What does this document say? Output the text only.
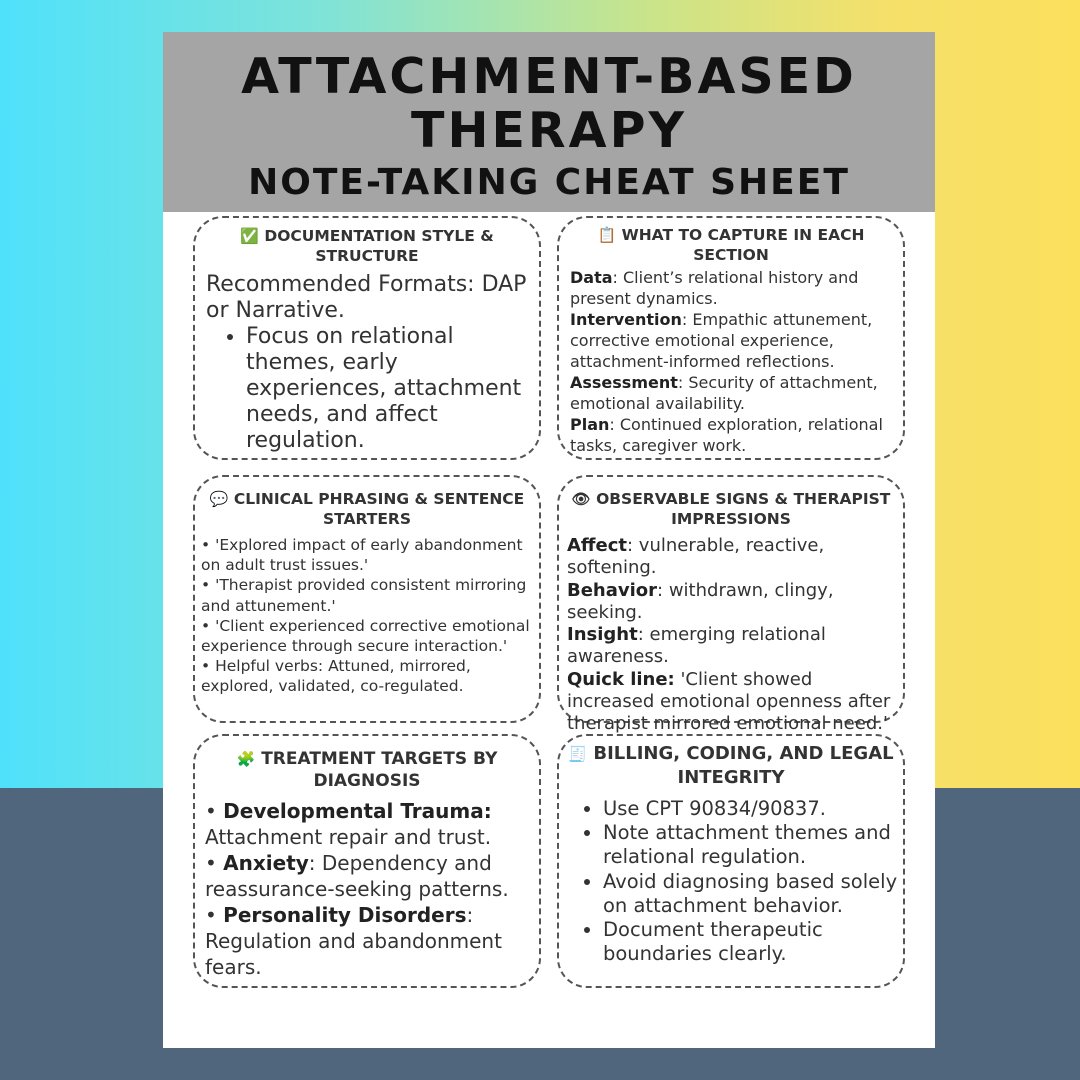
ATTACHMENT-BASED
THERAPY
NOTE-TAKING CHEAT SHEET
✅ DOCUMENTATION STYLE & STRUCTURE
Recommended Formats: DAP or Narrative.
• Focus on relational themes, early experiences, attachment needs, and affect regulation.
📋 WHAT TO CAPTURE IN EACH SECTION
Data: Client’s relational history and present dynamics.
Intervention: Empathic attunement, corrective emotional experience, attachment-informed reflections.
Assessment: Security of attachment, emotional availability.
Plan: Continued exploration, relational tasks, caregiver work.
💬 CLINICAL PHRASING & SENTENCE STARTERS
• 'Explored impact of early abandonment on adult trust issues.'
• 'Therapist provided consistent mirroring and attunement.'
• 'Client experienced corrective emotional experience through secure interaction.'
• Helpful verbs: Attuned, mirrored, explored, validated, co-regulated.
👁 OBSERVABLE SIGNS & THERAPIST IMPRESSIONS
Affect: vulnerable, reactive, softening.
Behavior: withdrawn, clingy, seeking.
Insight: emerging relational awareness.
Quick line: 'Client showed increased emotional openness after therapist mirrored emotional need.'
🧩 TREATMENT TARGETS BY DIAGNOSIS
• Developmental Trauma: Attachment repair and trust.
• Anxiety: Dependency and reassurance-seeking patterns.
• Personality Disorders: Regulation and abandonment fears.
🧾 BILLING, CODING, AND LEGAL INTEGRITY
• Use CPT 90834/90837.
• Note attachment themes and relational regulation.
• Avoid diagnosing based solely on attachment behavior.
• Document therapeutic boundaries clearly.
